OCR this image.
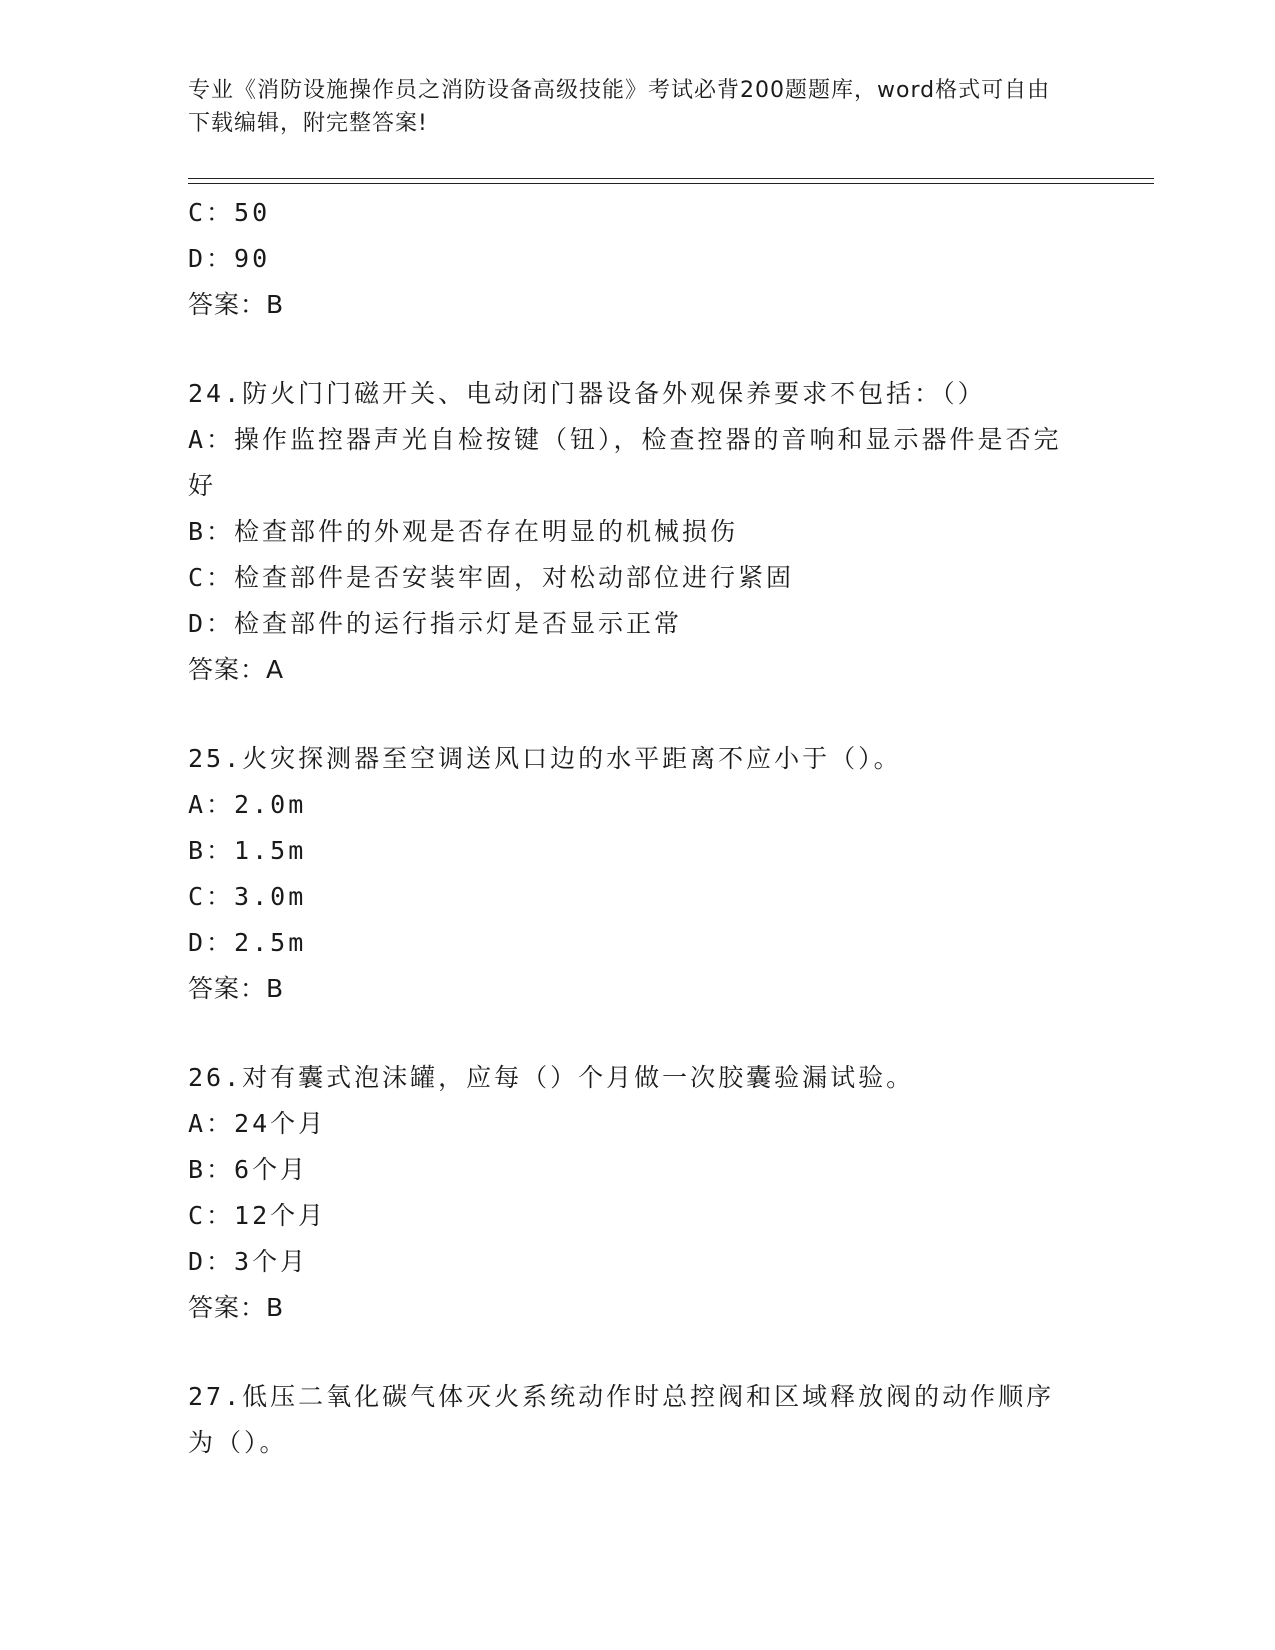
专业《消防设施操作员之消防设备高级技能》考试必背200题题库，word格式可自由下载编辑，附完整答案!
C：50
D：90
答案：B
24.防火门门磁开关、电动闭门器设备外观保养要求不包括：（）
A：操作监控器声光自检按键（钮），检查控器的音响和显示器件是否完好
B：检查部件的外观是否存在明显的机械损伤
C：检查部件是否安装牢固，对松动部位进行紧固
D：检查部件的运行指示灯是否显示正常
答案：A
25.火灾探测器至空调送风口边的水平距离不应小于（）。
A：2.0m
B：1.5m
C：3.0m
D：2.5m
答案：B
26.对有囊式泡沫罐，应每（）个月做一次胶囊验漏试验。
A：24个月
B：6个月
C：12个月
D：3个月
答案：B
27.低压二氧化碳气体灭火系统动作时总控阀和区域释放阀的动作顺序为（）。
